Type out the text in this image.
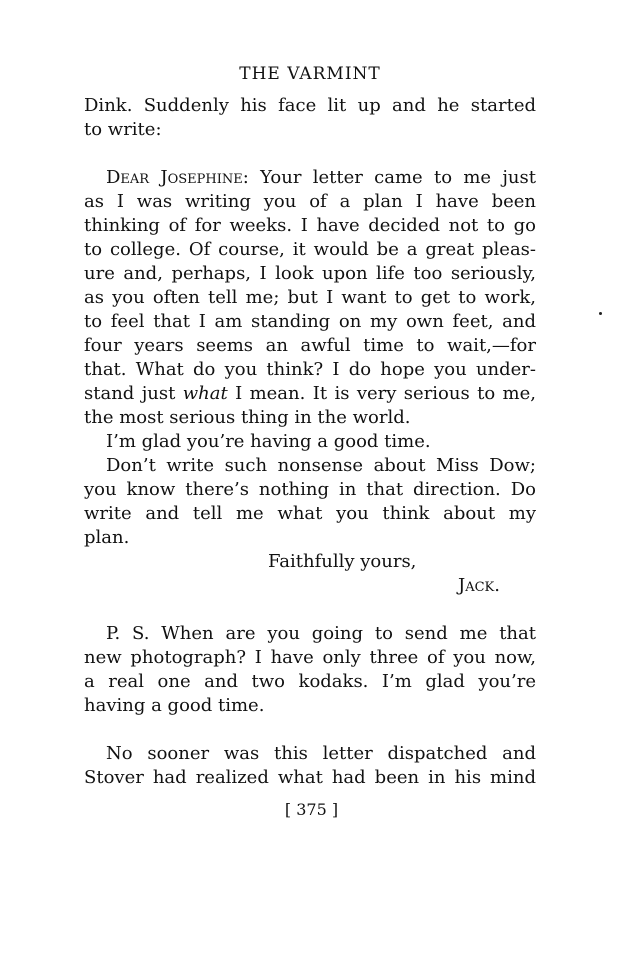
THE VARMINT

Dink. Suddenly his face lit up and he started

to write:

Dear Josephine: Your letter came to me just

as I was writing you of a plan I have been

thinking of for weeks. I have decided not to go

to college. Of course, it would be a great pleas-

ure and, perhaps, I look upon life too seriously,

as you often tell me; but I want to get to work,

to feel that I am standing on my own feet, and

four years seems an awful time to wait,—for

that. What do you think? I do hope you under-

stand just what I mean. It is very serious to me,

the most serious thing in the world.

I’m glad you’re having a good time.

Don’t write such nonsense about Miss Dow;

you know there’s nothing in that direction. Do

write and tell me what you think about my

plan.

Faithfully yours,

Jack.

P. S. When are you going to send me that

new photograph? I have only three of you now,

a real one and two kodaks. I’m glad you’re

having a good time.

No sooner was this letter dispatched and

Stover had realized what had been in his mind

[ 375 ]
